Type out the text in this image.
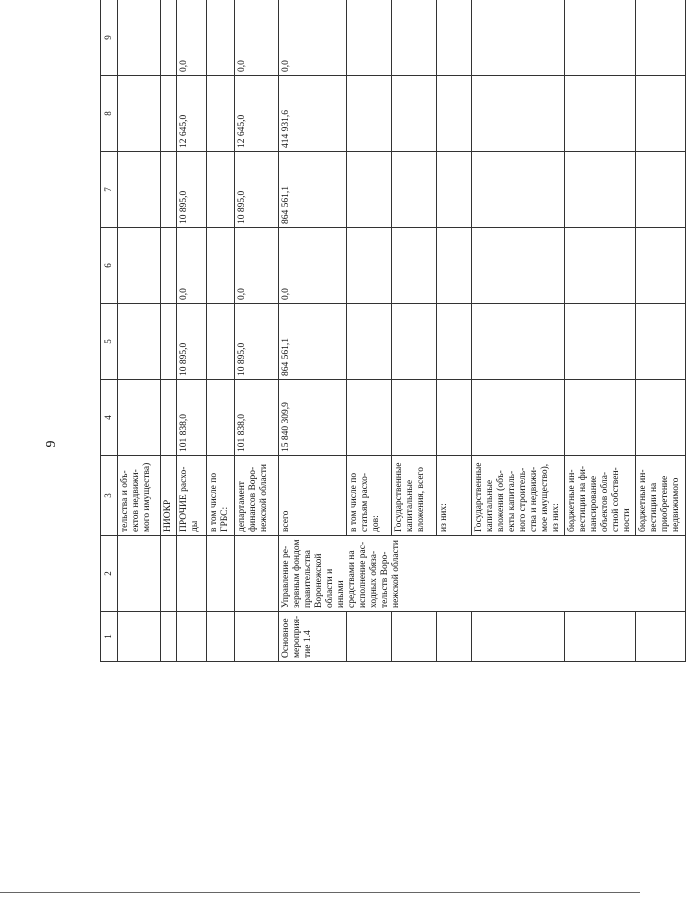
9
1	2	3	4	5	6	7	8	9	
		тельства и объ-ектов недвижи-мого имущества)							
		НИОКР							
		ПРОЧИЕ расхо-ды	101 838,0	10 895,0	0,0	10 895,0	12 645,0	0,0	
		в том числе по ГРБС:							
		департамент финансов Воро-нежской области	101 838,0	10 895,0	0,0	10 895,0	12 645,0	0,0	
Основное мероприя-тие 1.4	Управление ре-зервным фондом правительства Воронежской области и иными средствами на исполнение рас-ходных обяза-тельств Воро-нежской области	всего	15 840 309,9	864 561,1	0,0	864 561,1	414 931,6	0,0	
		в том числе по статьям расхо-дов:							
		Государственные капитальные вложения, всего							
		из них:							
		Государственные капитальные вложения (объ-екты капиталь-ного строитель-ства и недвижи-мое имущество), из них:							
		бюджетные ин-вестиции на фи-нансирование объектов обла-стной собствен-ности							
		бюджетные ин-вестиции на приобретение недвижимого							
